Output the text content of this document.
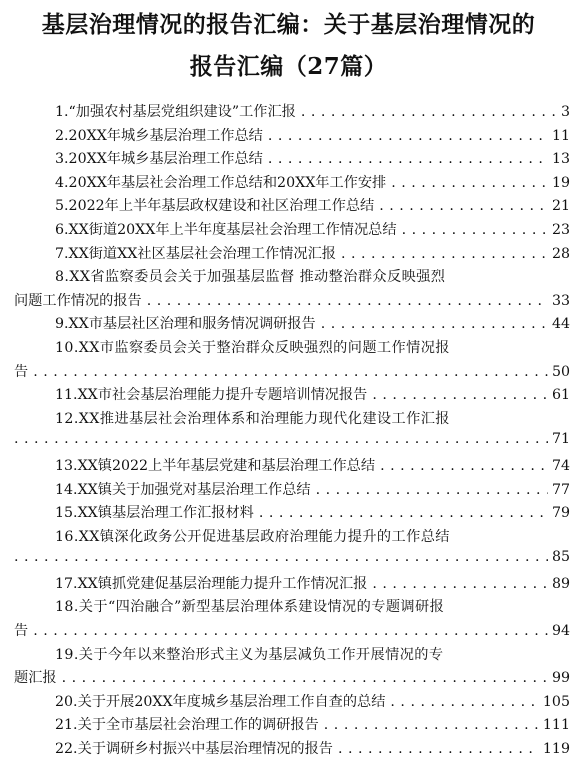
基层治理情况的报告汇编：关于基层治理情况的
报告汇编（27篇）
1.“加强农村基层党组织建设”工作汇报 . . .	3
2.20XX年城乡基层治理工作总结 . . .	11
3.20XX年城乡基层治理工作总结 . . .	13
4.20XX年基层社会治理工作总结和20XX年工作安排 . . .	19
5.2022年上半年基层政权建设和社区治理工作总结 . . .	21
6.XX街道20XX年上半年度基层社会治理工作情况总结 . . .	23
7.XX街道XX社区基层社会治理工作情况汇报 . . .	28
8.XX省监察委员会关于加强基层监督 推动整治群众反映强烈
问题工作情况的报告 . . .	33
9.XX市基层社区治理和服务情况调研报告 . . .	44
10.XX市监察委员会关于整治群众反映强烈的问题工作情况报
告 . . .	50
11.XX市社会基层治理能力提升专题培训情况报告 . . .	61
12.XX推进基层社会治理体系和治理能力现代化建设工作汇报
. . .
71
13.XX镇2022上半年基层党建和基层治理工作总结 . . .	74
14.XX镇关于加强党对基层治理工作总结 . . .	77
15.XX镇基层治理工作汇报材料 . . .	79
16.XX镇深化政务公开促进基层政府治理能力提升的工作总结
. . .
85
17.XX镇抓党建促基层治理能力提升工作情况汇报 . . .	89
18.关于“四治融合”新型基层治理体系建设情况的专题调研报
告 . . .	94
19.关于今年以来整治形式主义为基层减负工作开展情况的专
题汇报 . . .	99
20.关于开展20XX年度城乡基层治理工作自查的总结 . . .	105
21.关于全市基层社会治理工作的调研报告 . . .	111
22.关于调研乡村振兴中基层治理情况的报告 . . .	119
